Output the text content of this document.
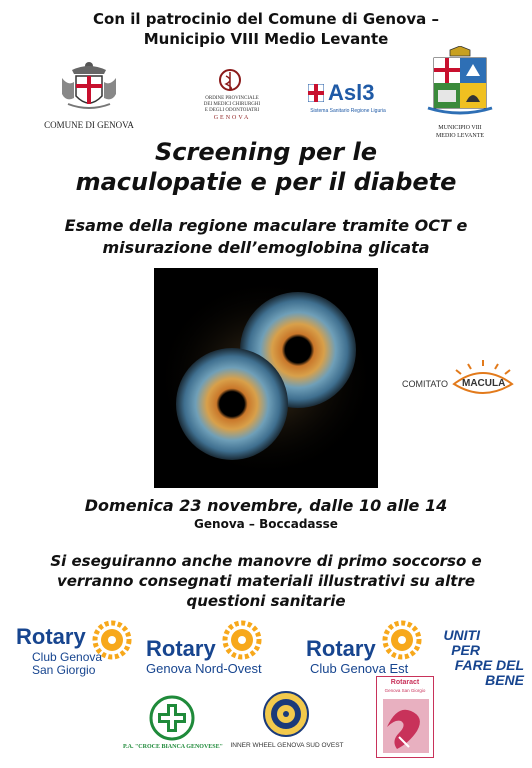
Con il patrocinio del Comune di Genova –
Municipio VIII Medio Levante
COMUNE DI GENOVA
ORDINE PROVINCIALE
DEI MEDICI CHIRURGHI
E DEGLI ODONTOIATRI
GENOVA
Asl3
Sistema Sanitario Regione Liguria
MUNICIPIO VIII
MEDIO LEVANTE
Screening per le
maculopatie e per il diabete
Esame della regione maculare tramite OCT e
misurazione dell’emoglobina glicata
COMITATO MACULA
Domenica 23 novembre, dalle 10 alle 14
Genova – Boccadasse
Si eseguiranno anche manovre di primo soccorso e
verranno consegnati materiali illustrativi su altre
questioni sanitarie
Rotary
Club Genova
San Giorgio
Rotary
Genova Nord-Ovest
Rotary
Club Genova Est
UNITI PER
FARE DEL
BENE
P.A. "CROCE BIANCA GENOVESE"	INNER WHEEL GENOVA SUD OVEST
Rotaract
Genova San Giorgio
